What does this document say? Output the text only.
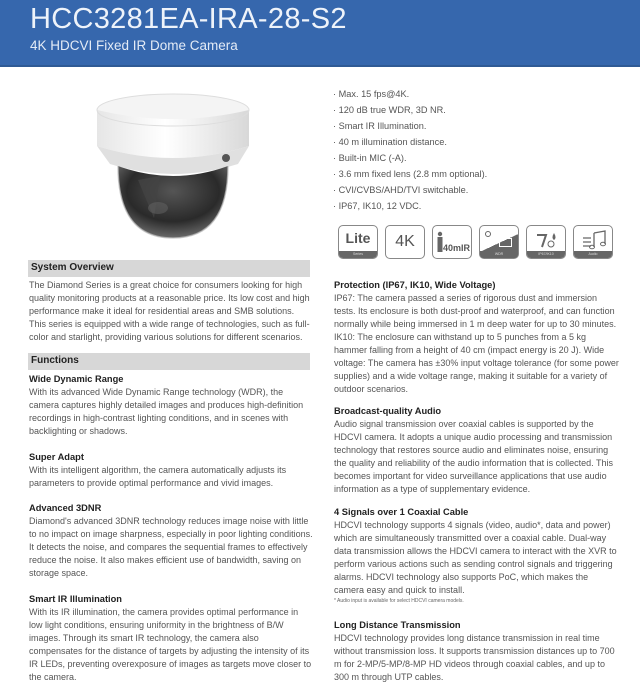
HCC3281EA-IRA-28-S2
4K HDCVI Fixed IR Dome Camera
· Max. 15 fps@4K.
· 120 dB true WDR, 3D NR.
· Smart IR Illumination.
· 40 m illumination distance.
· Built-in MIC (-A).
· 3.6 mm fixed lens (2.8 mm optional).
· CVI/CVBS/AHD/TVI switchable.
· IP67, IK10, 12 VDC.
Lite
Series
4K	40mIR
WDR	IP67/IK10	Audio
System Overview
The Diamond Series is a great choice for consumers looking for high quality monitoring products at a reasonable price. Its low cost and high performance make it ideal for residential areas and SMB solutions. This series is equipped with a wide range of technologies, such as full-color and starlight, providing various solutions for different scenarios.
Functions
Wide Dynamic Range
With its advanced Wide Dynamic Range technology (WDR), the camera captures highly detailed images and produces high-definition recordings in high-contrast lighting conditions, and in scenes with backlighting or shadows.
Super Adapt
With its intelligent algorithm, the camera automatically adjusts its parameters to provide optimal performance and vivid images.
Advanced 3DNR
Diamond's advanced 3DNR technology reduces image noise with little to no impact on image sharpness, especially in poor lighting conditions. It detects the noise, and compares the sequential frames to effectively reduce the noise. It also makes efficient use of bandwidth, saving on storage space.
Smart IR Illumination
With its IR illumination, the camera provides optimal performance in low light conditions, ensuring uniformity in the brightness of B/W images. Through its smart IR technology, the camera also compensates for the distance of targets by adjusting the intensity of its IR LEDs, preventing overexposure of images as targets move closer to the camera.
Protection (IP67, IK10, Wide Voltage)
IP67: The camera passed a series of rigorous dust and immersion tests. Its enclosure is both dust-proof and waterproof, and can function normally while being immersed in 1 m deep water for up to 30 minutes. IK10: The enclosure can withstand up to 5 punches from a 5 kg hammer falling from a height of 40 cm (impact energy is 20 J). Wide voltage: The camera has ±30% input voltage tolerance (for some power supplies) and a wide voltage range, making it suitable for a variety of outdoor scenarios.
Broadcast-quality Audio
Audio signal transmission over coaxial cables is supported by the HDCVI camera. It adopts a unique audio processing and transmission technology that restores source audio and eliminates noise, ensuring the quality and reliability of the audio information that is collected. This becomes important for video surveillance applications that use audio information as a type of supplementary evidence.
4 Signals over 1 Coaxial Cable
HDCVI technology supports 4 signals (video, audio*, data and power) which are simultaneously transmitted over a coaxial cable. Dual-way data transmission allows the HDCVI camera to interact with the XVR to perform various actions such as sending control signals and triggering alarms. HDCVI technology also supports PoC, which makes the camera easy and quick to install.
* Audio input is available for select HDCVI camera models.
Long Distance Transmission
HDCVI technology provides long distance transmission in real time without transmission loss. It supports transmission distances up to 700 m for 2-MP/5-MP/8-MP HD videos through coaxial cables, and up to 300 m through UTP cables.
